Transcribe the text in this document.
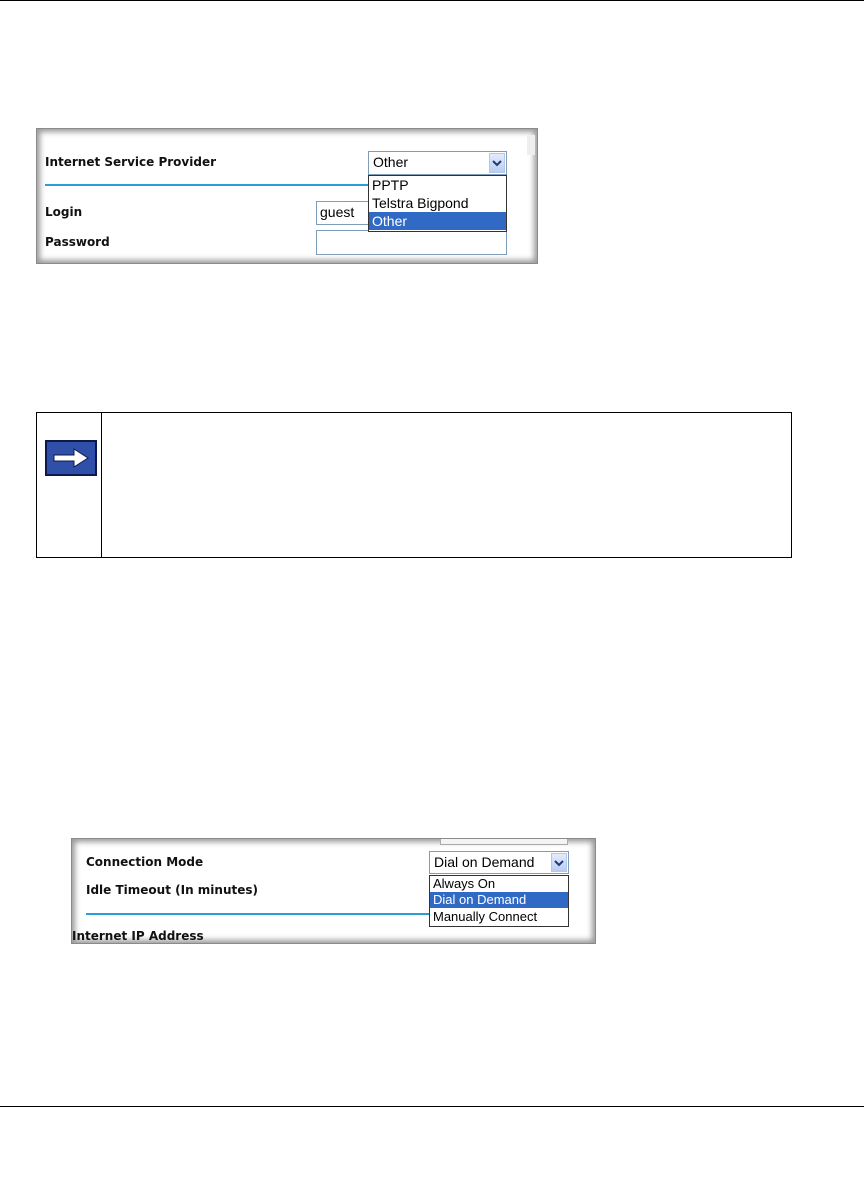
Internet Service Provider	Other
Login	guest
Password
PPTP
Telstra Bigpond
Other
Connection Mode	Dial on Demand
Idle Timeout (In minutes)
Internet IP Address
Always On
Dial on Demand
Manually Connect
